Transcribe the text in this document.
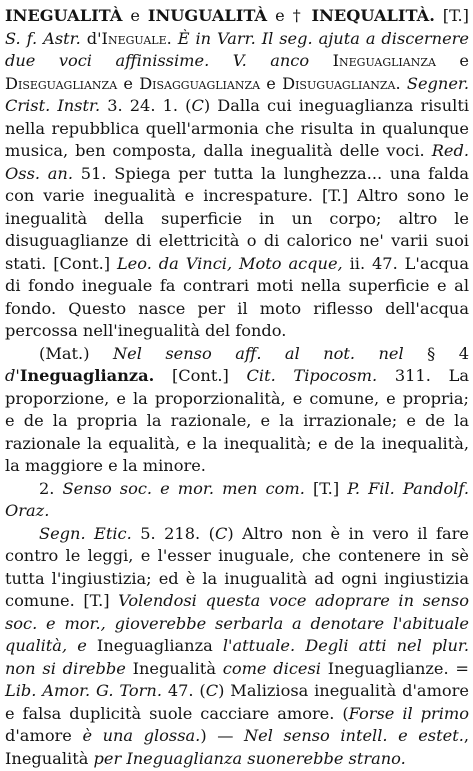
INEGUALITÀ e INUGUALITÀ e † INEQUALITÀ. [T.] S. f. Astr. d'Ineguale. È in Varr. Il seg. ajuta a discernere due voci affinissime. V. anco Ineguaglianza e Diseguaglianza e Disagguaglianza e Disuguaglianza. Segner. Crist. Instr. 3. 24. 1. (C) Dalla cui ineguaglianza risulti nella repubblica quell'armonia che risulta in qualunque musica, ben composta, dalla inegualità delle voci. Red. Oss. an. 51. Spiega per tutta la lunghezza... una falda con varie inegualità e increspature. [T.] Altro sono le inegualità della superficie in un corpo; altro le disuguaglianze di elettricità o di calorico ne' varii suoi stati. [Cont.] Leo. da Vinci, Moto acque, ii. 47. L'acqua di fondo ineguale fa contrari moti nella superficie e al fondo. Questo nasce per il moto riflesso dell'acqua percossa nell'inegualità del fondo.

(Mat.) Nel senso aff. al not. nel § 4 d'Ineguaglianza. [Cont.] Cit. Tipocosm. 311. La proporzione, e la proporzionalità, e comune, e propria; e de la propria la razionale, e la irrazionale; e de la razionale la equalità, e la inequalità; e de la inequalità, la maggiore e la minore.

2. Senso soc. e mor. men com. [T.] P. Fil. Pandolf. Oraz.

Segn. Etic. 5. 218. (C) Altro non è in vero il fare contro le leggi, e l'esser inuguale, che contenere in sè tutta l'ingiustizia; ed è la inugualità ad ogni ingiustizia comune. [T.] Volendosi questa voce adoprare in senso soc. e mor., gioverebbe serbarla a denotare l'abituale qualità, e Ineguaglianza l'attuale. Degli atti nel plur. non si direbbe Inegualità come dicesi Ineguaglianze. = Lib. Amor. G. Torn. 47. (C) Maliziosa inegualità d'amore e falsa duplicità suole cacciare amore. (Forse il primo d'amore è una glossa.) — Nel senso intell. e estet., Inegualità per Ineguaglianza suonerebbe strano.
